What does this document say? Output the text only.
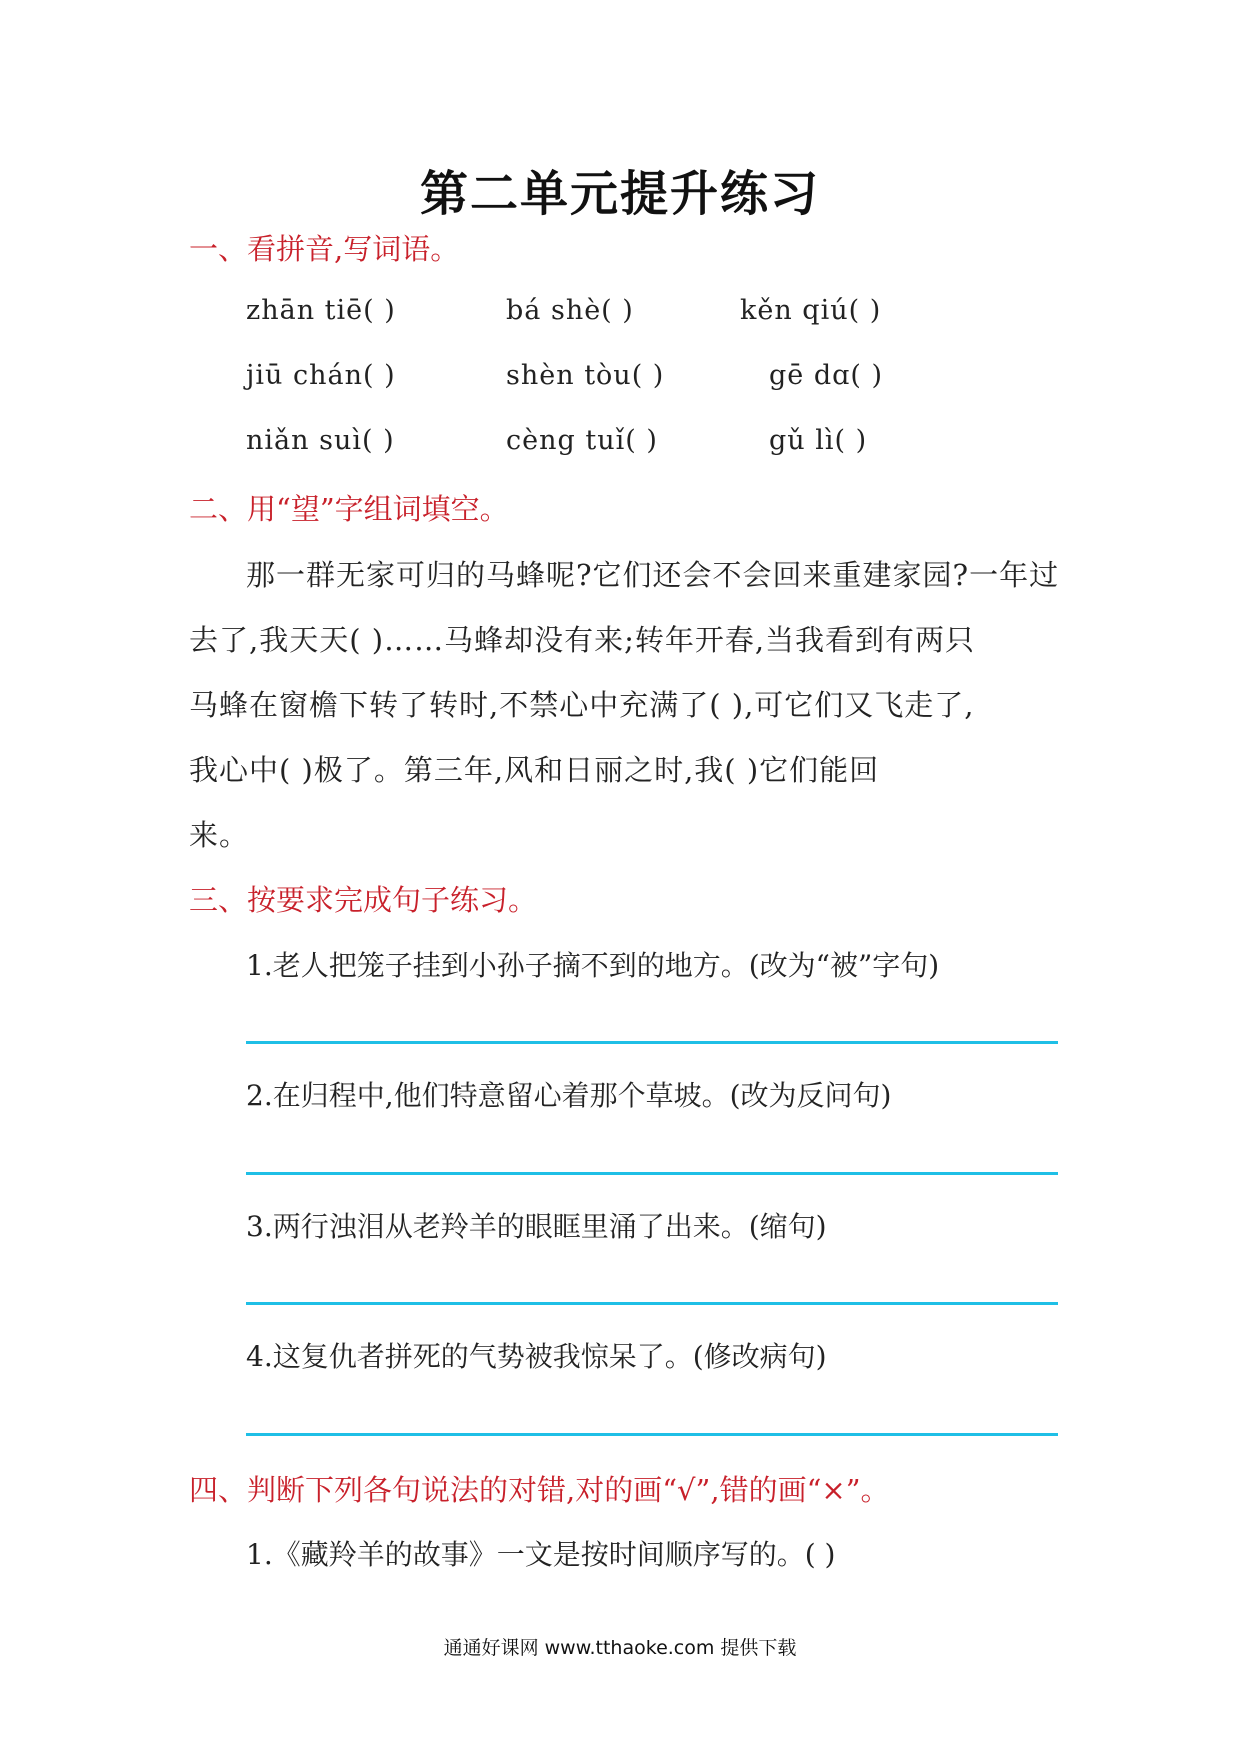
第二单元提升练习
一、看拼音,写词语。
zhān tiē( )	bá shè( )	kěn qiú( )
jiū chán( )	shèn tòu( )	gē dɑ( )
niǎn suì( )	cèng tuǐ( )	gǔ lì( )
二、用“望”字组词填空。
那一群无家可归的马蜂呢?它们还会不会回来重建家园?一年过
去了,我天天( )……马蜂却没有来;转年开春,当我看到有两只
马蜂在窗檐下转了转时,不禁心中充满了( ),可它们又飞走了,
我心中( )极了。第三年,风和日丽之时,我( )它们能回
来。
三、按要求完成句子练习。
1.老人把笼子挂到小孙子摘不到的地方。(改为“被”字句)
2.在归程中,他们特意留心着那个草坡。(改为反问句)
3.两行浊泪从老羚羊的眼眶里涌了出来。(缩句)
4.这复仇者拼死的气势被我惊呆了。(修改病句)
四、判断下列各句说法的对错,对的画“√”,错的画“×”。
1.《藏羚羊的故事》一文是按时间顺序写的。( )
通通好课网 www.tthaoke.com 提供下载
